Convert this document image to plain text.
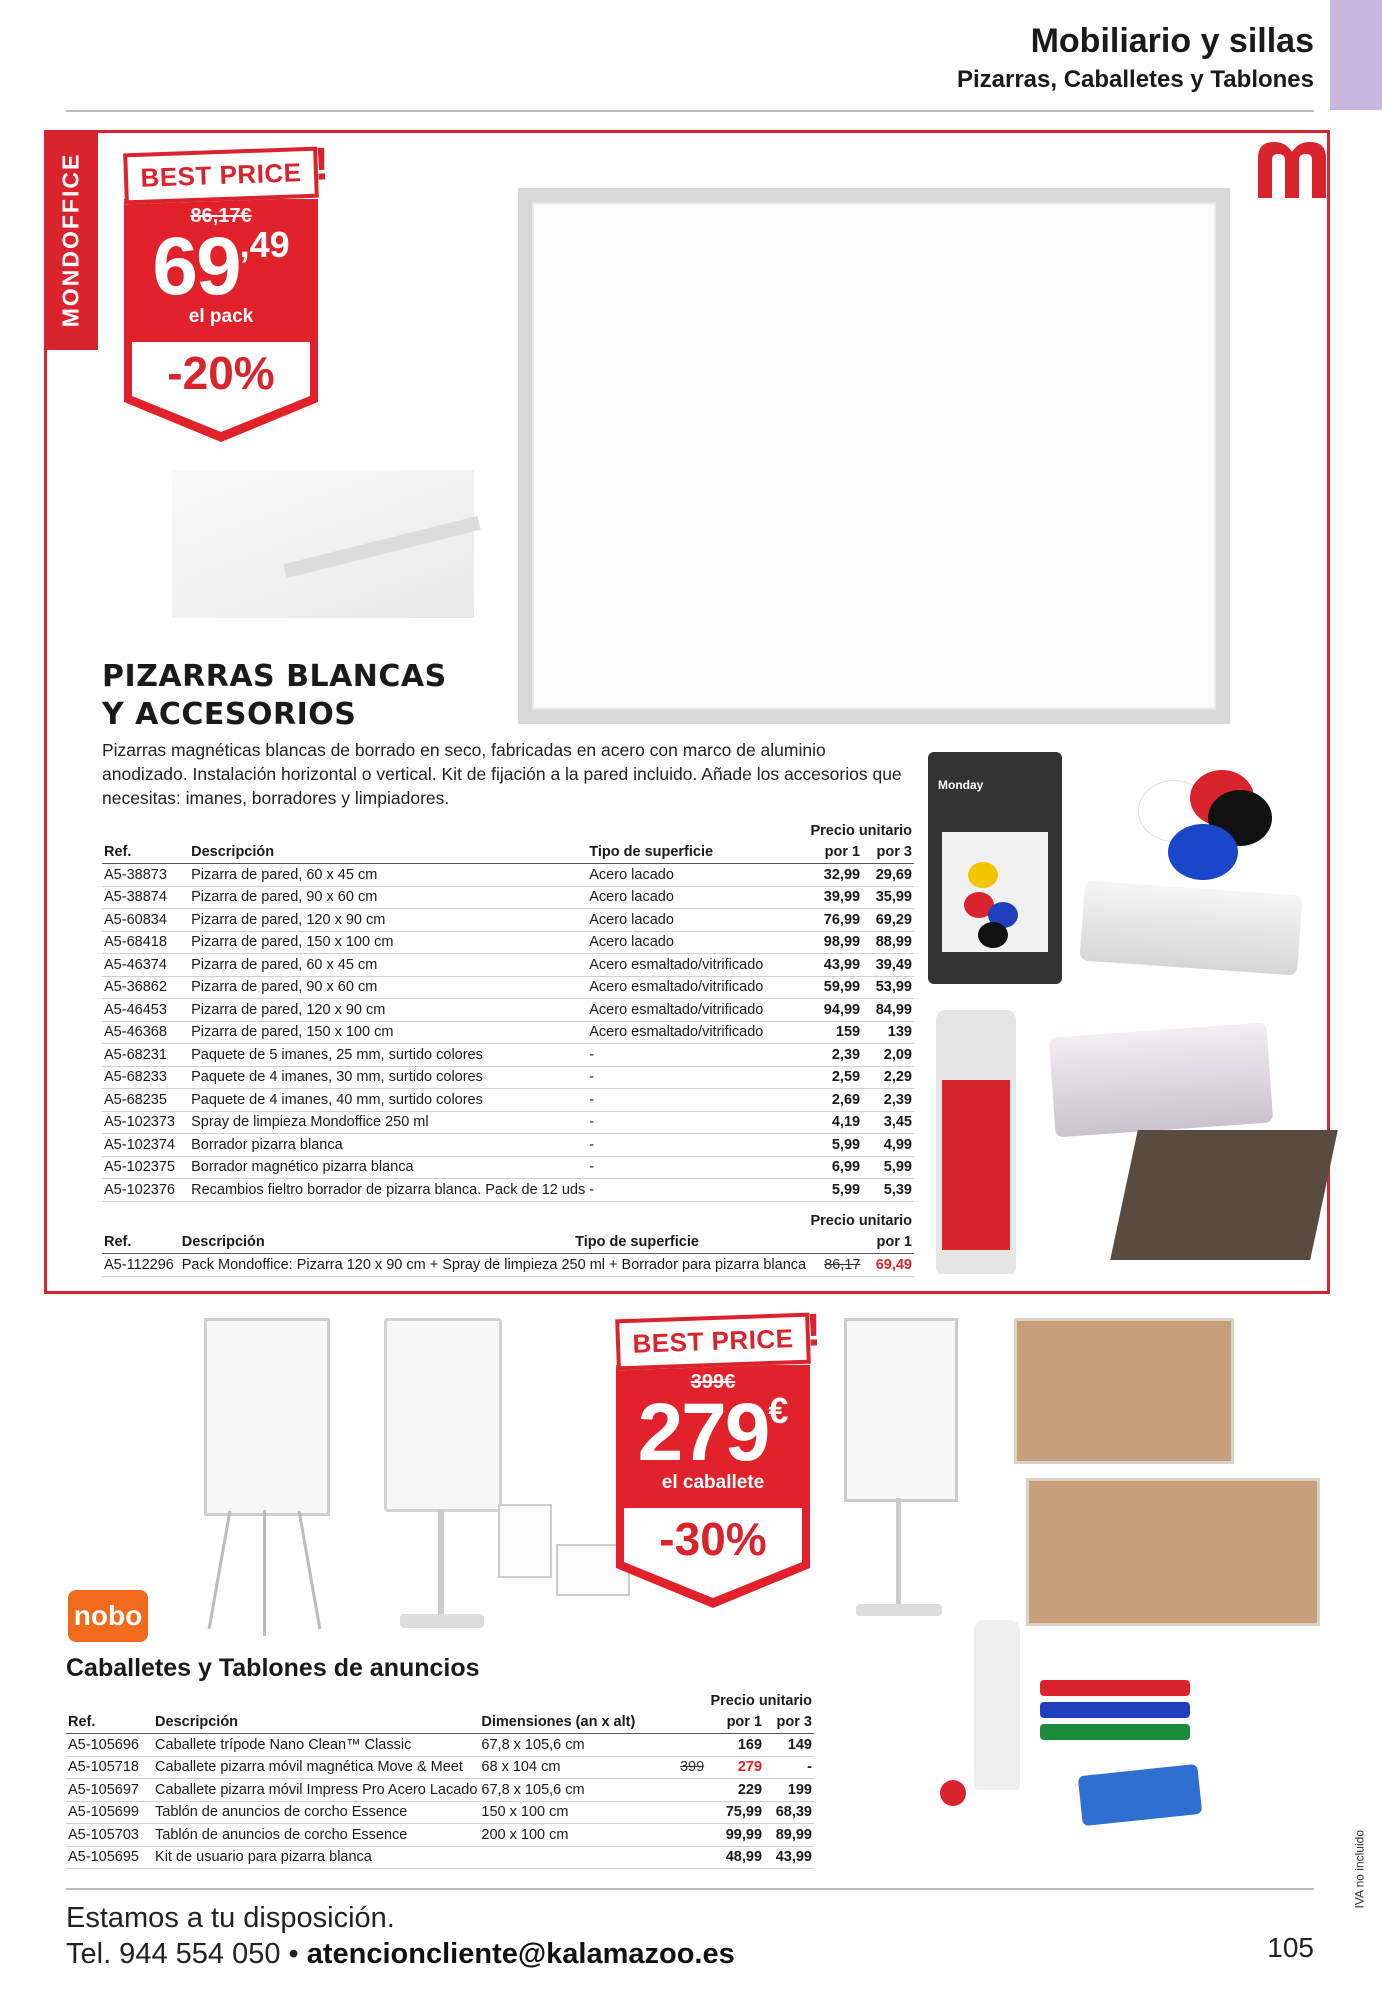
Mobiliario y sillas
Pizarras, Caballetes y Tablones
MONDOFFICE	BEST PRICE !
86,17€
$69^{,49}$
el pack
-20%
PIZARRAS BLANCAS
Y ACCESORIOS
Pizarras magnéticas blancas de borrado en seco, fabricadas en acero con marco de aluminio anodizado. Instalación horizontal o vertical. Kit de fijación a la pared incluido. Añade los accesorios que necesitas: imanes, borradores y limpiadores.
Monday
			Precio unitario	
Ref.	Descripción	Tipo de superficie	por 1	por 3
A5-38873	Pizarra de pared, 60 x 45 cm	Acero lacado	32,99	29,69
A5-38874	Pizarra de pared, 90 x 60 cm	Acero lacado	39,99	35,99
A5-60834	Pizarra de pared, 120 x 90 cm	Acero lacado	76,99	69,29
A5-68418	Pizarra de pared, 150 x 100 cm	Acero lacado	98,99	88,99
A5-46374	Pizarra de pared, 60 x 45 cm	Acero esmaltado/vitrificado	43,99	39,49
A5-36862	Pizarra de pared, 90 x 60 cm	Acero esmaltado/vitrificado	59,99	53,99
A5-46453	Pizarra de pared, 120 x 90 cm	Acero esmaltado/vitrificado	94,99	84,99
A5-46368	Pizarra de pared, 150 x 100 cm	Acero esmaltado/vitrificado	159	139
A5-68231	Paquete de 5 imanes, 25 mm, surtido colores	-	2,39	2,09
A5-68233	Paquete de 4 imanes, 30 mm, surtido colores	-	2,59	2,29
A5-68235	Paquete de 4 imanes, 40 mm, surtido colores	-	2,69	2,39
A5-102373	Spray de limpieza Mondoffice 250 ml	-	4,19	3,45
A5-102374	Borrador pizarra blanca	-	5,99	4,99
A5-102375	Borrador magnético pizarra blanca	-	6,99	5,99
A5-102376	Recambios fieltro borrador de pizarra blanca. Pack de 12 uds	-	5,99	5,39
			Precio unitario	
Ref.	Descripción	Tipo de superficie		por 1
A5-112296	Pack Mondoffice: Pizarra 120 x 90 cm + Spray de limpieza 250 ml + Borrador para pizarra blanca		86,17	69,49
BEST PRICE !
399€
279€
el caballete
-30%
nobo
Caballetes y Tablones de anuncios
				Precio unitario	
Ref.	Descripción	Dimensiones (an x alt)		por 1	por 3
A5-105696	Caballete trípode Nano Clean™ Classic	67,8 x 105,6 cm		169	149
A5-105718	Caballete pizarra móvil magnética Move & Meet	68 x 104 cm	399	279	-
A5-105697	Caballete pizarra móvil Impress Pro Acero Lacado	67,8 x 105,6 cm		229	199
A5-105699	Tablón de anuncios de corcho Essence	150 x 100 cm		75,99	68,39
A5-105703	Tablón de anuncios de corcho Essence	200 x 100 cm		99,99	89,99
A5-105695	Kit de usuario para pizarra blanca			48,99	43,99	IVA no incluido
Estamos a tu disposición.
Tel. 944 554 050 • atencioncliente@kalamazoo.es	105
